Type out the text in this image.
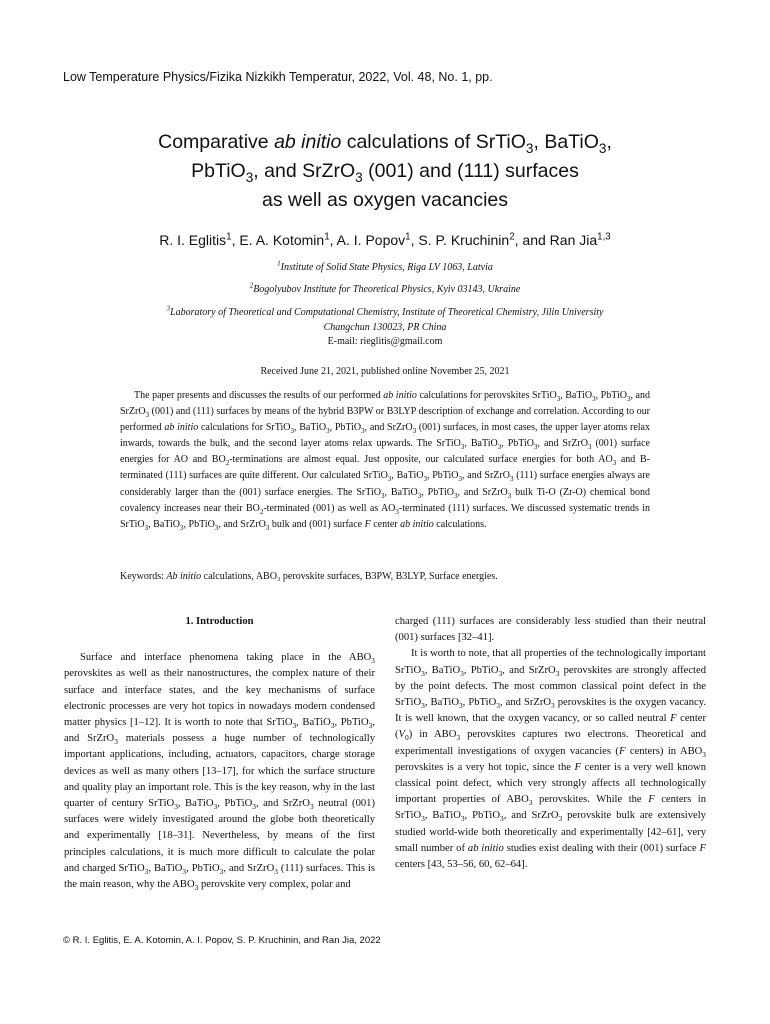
Low Temperature Physics/Fizika Nizkikh Temperatur, 2022, Vol. 48, No. 1, pp.
Comparative ab initio calculations of SrTiO$_3$, BaTiO$_3$,
PbTiO$_3$, and SrZrO$_3$ (001) and (111) surfaces
as well as oxygen vacancies
R. I. Eglitis$^1$, E. A. Kotomin$^1$, A. I. Popov$^1$, S. P. Kruchinin$^2$, and Ran Jia$^{1,3}$
$^1$Institute of Solid State Physics, Riga LV 1063, Latvia
$^2$Bogolyubov Institute for Theoretical Physics, Kyiv 03143, Ukraine
$^3$Laboratory of Theoretical and Computational Chemistry, Institute of Theoretical Chemistry, Jilin University
Changchun 130023, PR China
E-mail: rieglitis@gmail.com
Received June 21, 2021, published online November 25, 2021

The paper presents and discusses the results of our performed ab initio calculations for perovskites SrTiO$_3$, BaTiO$_3$, PbTiO$_3$, and SrZrO$_3$ (001) and (111) surfaces by means of the hybrid B3PW or B3LYP description of exchange and correlation. According to our performed ab initio calculations for SrTiO$_3$, BaTiO$_3$, PbTiO$_3$, and SrZrO$_3$ (001) surfaces, in most cases, the upper layer atoms relax inwards, towards the bulk, and the second layer atoms relax upwards. The SrTiO$_3$, BaTiO$_3$, PbTiO$_3$, and SrZrO$_3$ (001) surface energies for AO and $BO_2$-terminations are almost equal. Just opposite, our calculated surface energies for both $AO_3$ and B-terminated (111) surfaces are quite different. Our calculated SrTiO$_3$, BaTiO$_3$, PbTiO$_3$, and SrZrO$_3$ (111) surface energies always are considerably larger than the (001) surface energies. The SrTiO$_3$, BaTiO$_3$, PbTiO$_3$, and SrZrO$_3$ bulk Ti-O (Zr-O) chemical bond covalency increases near their $BO_2$-terminated (001) as well as $AO_3$-terminated (111) surfaces. We discussed systematic trends in SrTiO$_3$, BaTiO$_3$, PbTiO$_3$, and SrZrO$_3$ bulk and (001) surface F center ab initio calculations.

Keywords: Ab initio calculations, ABO₃ perovskite surfaces, B3PW, B3LYP, Surface energies.
1. Introduction

Surface and interface phenomena taking place in the $ABO_3$ perovskites as well as their nanostructures, the complex nature of their surface and interface states, and the key mechanisms of surface electronic processes are very hot topics in nowadays modern condensed matter physics [1–12]. It is worth to note that SrTiO$_3$, BaTiO$_3$, PbTiO$_3$, and SrZrO$_3$ materials possess a huge number of technologically important applications, including, actuators, capacitors, charge storage devices as well as many others [13–17], for which the surface structure and quality play an important role. This is the key reason, why in the last quarter of century SrTiO$_3$, BaTiO$_3$, PbTiO$_3$, and SrZrO$_3$ neutral (001) surfaces were widely investigated around the globe both theoretically and experimentally [18–31]. Nevertheless, by means of the first principles calculations, it is much more difficult to calculate the polar and charged SrTiO$_3$, BaTiO$_3$, PbTiO$_3$, and SrZrO$_3$ (111) surfaces. This is the main reason, why the $ABO_3$ perovskite very complex, polar and

charged (111) surfaces are considerably less studied than their neutral (001) surfaces [32–41].

It is worth to note, that all properties of the technologically important SrTiO$_3$, BaTiO$_3$, PbTiO$_3$, and SrZrO$_3$ perovskites are strongly affected by the point defects. The most common classical point defect in the SrTiO$_3$, BaTiO$_3$, PbTiO$_3$, and SrZrO$_3$ perovskites is the oxygen vacancy. It is well known, that the oxygen vacancy, or so called neutral F center $(V_0)$ in $ABO_3$ perovskites captures two electrons. Theoretical and experimentall investigations of oxygen vacancies (F centers) in $ABO_3$ perovskites is a very hot topic, since the F center is a very well known classical point defect, which very strongly affects all technologically important properties of $ABO_3$ perovskites. While the F centers in SrTiO$_3$, BaTiO$_3$, PbTiO$_3$, and SrZrO$_3$ perovskite bulk are extensively studied world-wide both theoretically and experimentally [42–61], very small number of ab initio studies exist dealing with their (001) surface F centers [43, 53–56, 60, 62–64].

© R. I. Eglitis, E. A. Kotomin, A. I. Popov, S. P. Kruchinin, and Ran Jia, 2022
